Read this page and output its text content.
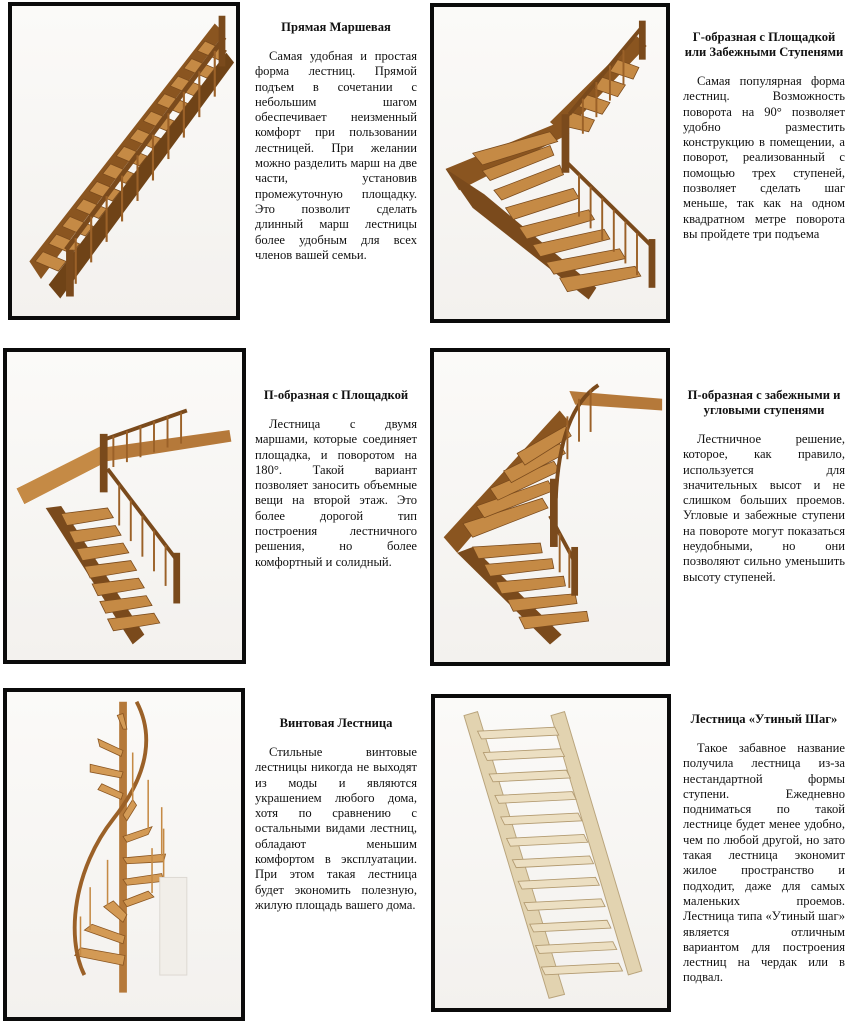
Прямая Маршевая

Самая удобная и простая форма лестниц. Прямой подъем в сочетании с небольшим шагом обеспечивает неизменный комфорт при пользовании лестницей. При желании можно разделить марш на две части, установив промежуточную площадку. Это позволит сделать длинный марш лестницы более удобным для всех членов вашей семьи.

Г-образная с Площадкой или Забежными Ступенями

Самая популярная форма лестниц. Возможность поворота на 90° позволяет удобно разместить конструкцию в помещении, а поворот, реализованный с помощью трех ступеней, позволяет сделать шаг меньше, так как на одном квадратном метре поворота вы пройдете три подъема

П-образная с Площадкой

Лестница с двумя маршами, которые соединяет площадка, и поворотом на 180°. Такой вариант позволяет заносить объемные вещи на второй этаж. Это более дорогой тип построения лестничного решения, но более комфортный и солидный.

П-образная с забежными и угловыми ступенями

Лестничное решение, которое, как правило, используется для значительных высот и не слишком больших проемов. Угловые и забежные ступени на повороте могут показаться неудобными, но они позволяют сильно уменьшить высоту ступеней.

Винтовая Лестница

Стильные винтовые лестницы никогда не выходят из моды и являются украшением любого дома, хотя по сравнению с остальными видами лестниц, обладают меньшим комфортом в эксплуатации. При этом такая лестница будет экономить полезную, жилую площадь вашего дома.

Лестница «Утиный Шаг»

Такое забавное название получила лестница из-за нестандартной формы ступени. Ежедневно подниматься по такой лестнице будет менее удобно, чем по любой другой, но зато такая лестница экономит жилое пространство и подходит, даже для самых маленьких проемов. Лестница типа «Утиный шаг» является отличным вариантом для построения лестниц на чердак или в подвал.
